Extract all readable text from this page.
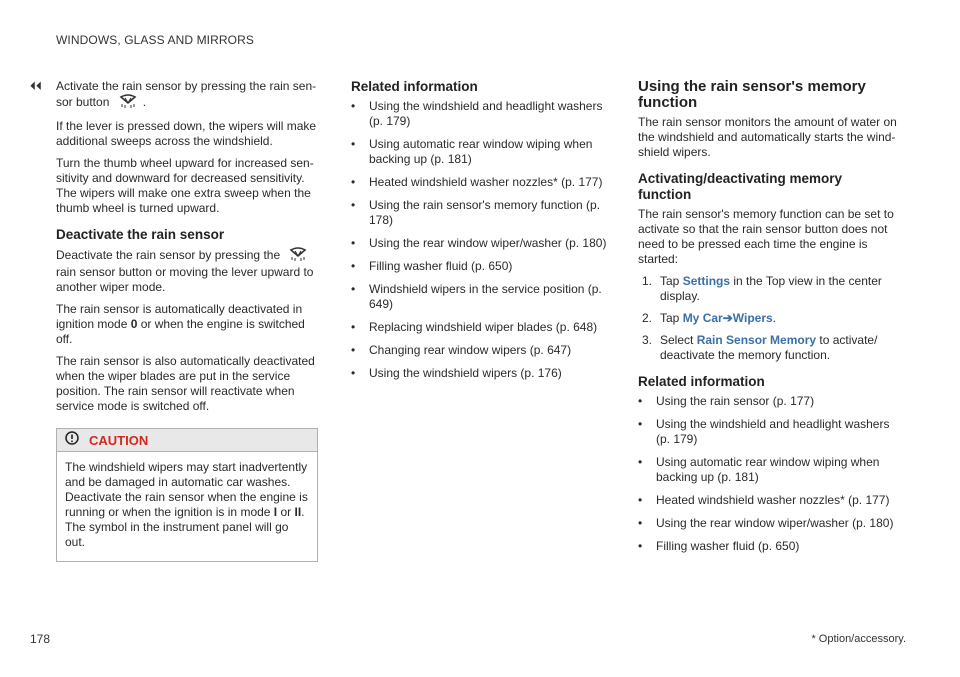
WINDOWS, GLASS AND MIRRORS
⏴⏴ Activate the rain sensor by pressing the rain sen-
sor button	.

If the lever is pressed down, the wipers will make additional sweeps across the windshield.

Turn the thumb wheel upward for increased sen-sitivity and downward for decreased sensitivity. The wipers will make one extra sweep when the thumb wheel is turned upward.

Deactivate the rain sensor

Deactivate the rain sensor by pressing the  rain sensor button or moving the lever upward to another wiper mode.

The rain sensor is automatically deactivated in ignition mode 0 or when the engine is switched off.

The rain sensor is also automatically deactivated when the wiper blades are put in the service position. The rain sensor will reactivate when service mode is switched off.

CAUTION
The windshield wipers may start inadvertently and be damaged in automatic car washes. Deactivate the rain sensor when the engine is running or when the ignition is in mode I or II. The symbol in the instrument panel will go out.
Related information
• Using the windshield and headlight washers (p. 179)
• Using automatic rear window wiping when backing up (p. 181)
• Heated windshield washer nozzles* (p. 177)
• Using the rain sensor's memory function (p. 178)
• Using the rear window wiper/washer (p. 180)
• Filling washer fluid (p. 650)
• Windshield wipers in the service position (p. 649)
• Replacing windshield wiper blades (p. 648)
• Changing rear window wipers (p. 647)
• Using the windshield wipers (p. 176)
Using the rain sensor's memory
function

The rain sensor monitors the amount of water on the windshield and automatically starts the wind-shield wipers.

Activating/deactivating memory
function

The rain sensor's memory function can be set to activate so that the rain sensor button does not need to be pressed each time the engine is started:

1. Tap Settings in the Top view in the center display.
2. Tap My Car➔Wipers.
3. Select Rain Sensor Memory to activate/ deactivate the memory function.
Related information
• Using the rain sensor (p. 177)
• Using the windshield and headlight washers (p. 179)
• Using automatic rear window wiping when backing up (p. 181)
• Heated windshield washer nozzles* (p. 177)
• Using the rear window wiper/washer (p. 180)
• Filling washer fluid (p. 650)
178	* Option/accessory.
